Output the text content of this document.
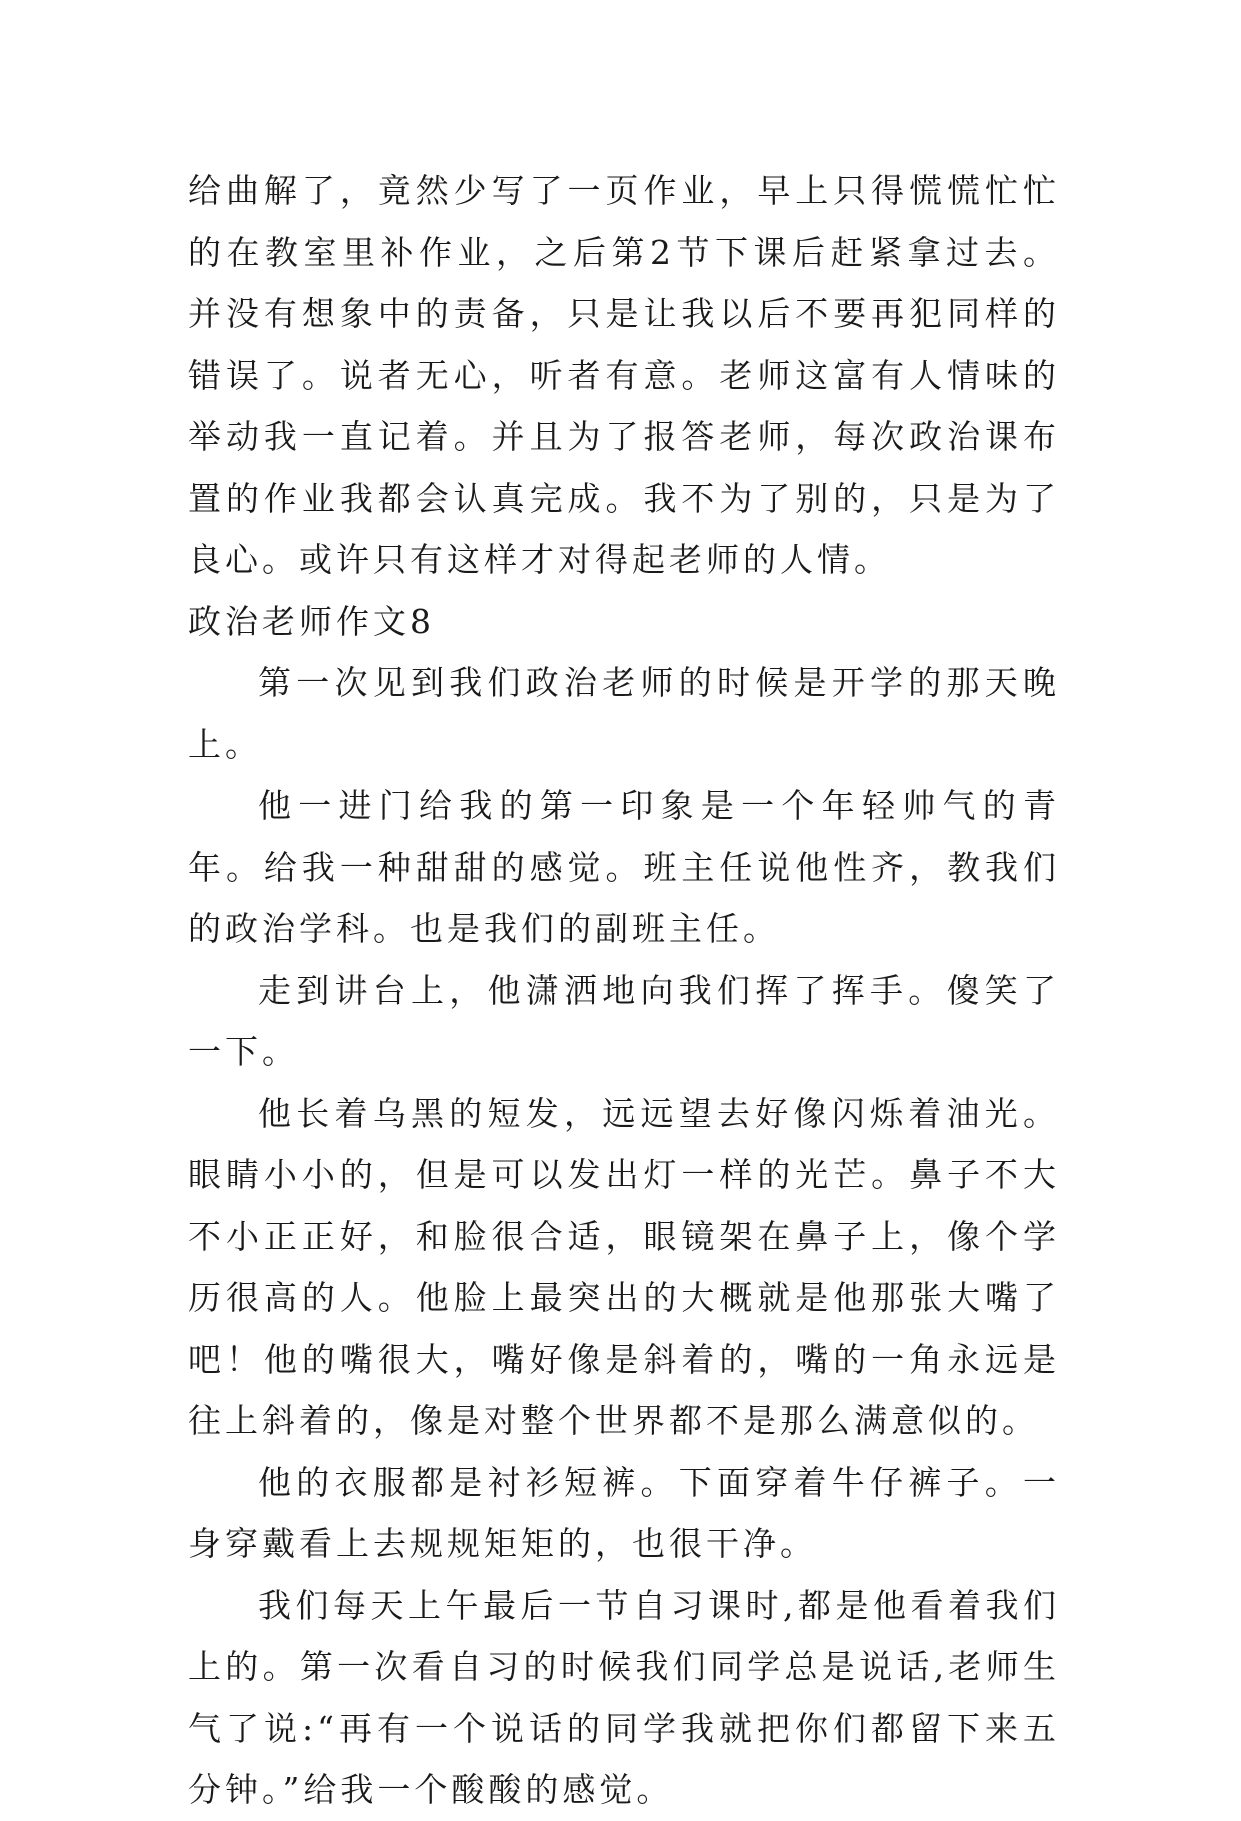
给曲解了，竟然少写了一页作业，早上只得慌慌忙忙的在教室里补作业，之后第2节下课后赶紧拿过去。并没有想象中的责备，只是让我以后不要再犯同样的错误了。说者无心，听者有意。老师这富有人情味的举动我一直记着。并且为了报答老师，每次政治课布置的作业我都会认真完成。我不为了别的，只是为了良心。或许只有这样才对得起老师的人情。

政治老师作文8

第一次见到我们政治老师的时候是开学的那天晚上。

他一进门给我的第一印象是一个年轻帅气的青年。给我一种甜甜的感觉。班主任说他性齐，教我们的政治学科。也是我们的副班主任。

走到讲台上，他潇洒地向我们挥了挥手。傻笑了一下。

他长着乌黑的短发，远远望去好像闪烁着油光。眼睛小小的，但是可以发出灯一样的光芒。鼻子不大不小正正好，和脸很合适，眼镜架在鼻子上，像个学历很高的人。他脸上最突出的大概就是他那张大嘴了吧！他的嘴很大，嘴好像是斜着的，嘴的一角永远是往上斜着的，像是对整个世界都不是那么满意似的。

他的衣服都是衬衫短裤。下面穿着牛仔裤子。一身穿戴看上去规规矩矩的，也很干净。

我们每天上午最后一节自习课时,都是他看着我们上的。第一次看自习的时候我们同学总是说话,老师生气了说:“再有一个说话的同学我就把你们都留下来五分钟。”给我一个酸酸的感觉。
